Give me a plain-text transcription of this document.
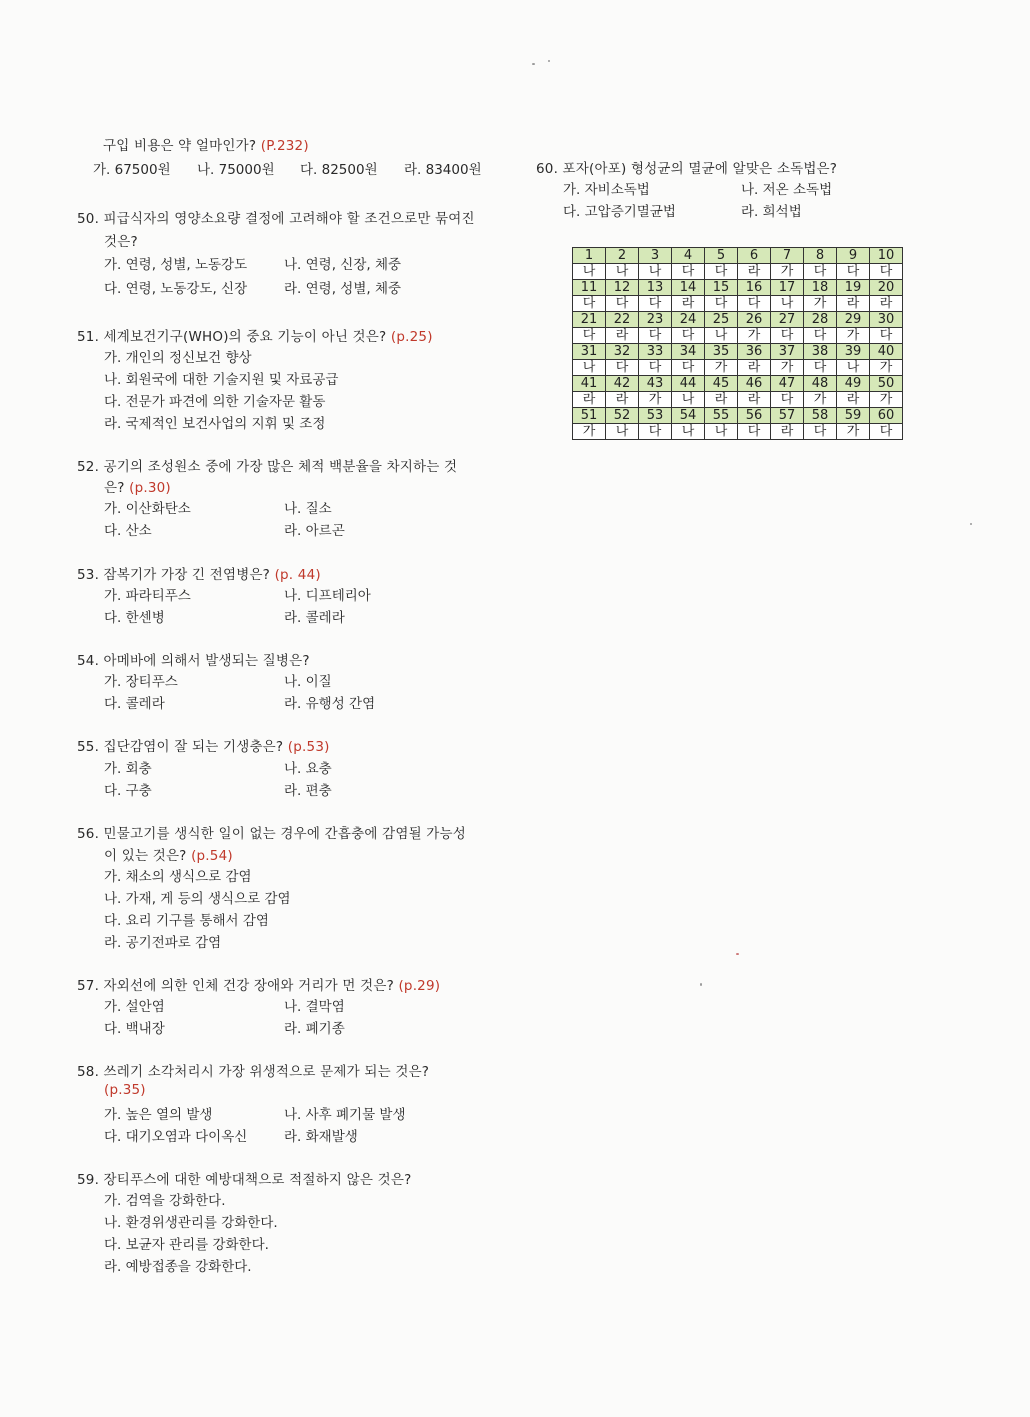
구입 비용은 약 얼마인가? (P.232)
가. 67500원 나. 75000원 다. 82500원 라. 83400원
50. 피급식자의 영양소요량 결정에 고려해야 할 조건으로만 묶여진
것은?
가. 연령, 성별, 노동강도	나. 연령, 신장, 체중
다. 연령, 노동강도, 신장	라. 연령, 성별, 체중
51. 세계보건기구(WHO)의 중요 기능이 아닌 것은? (p.25)
가. 개인의 정신보건 향상
나. 회원국에 대한 기술지원 및 자료공급
다. 전문가 파견에 의한 기술자문 활동
라. 국제적인 보건사업의 지휘 및 조정
52. 공기의 조성원소 중에 가장 많은 체적 백분율을 차지하는 것
은? (p.30)
가. 이산화탄소	나. 질소
다. 산소	라. 아르곤
53. 잠복기가 가장 긴 전염병은? (p. 44)
가. 파라티푸스	나. 디프테리아
다. 한센병	라. 콜레라
54. 아메바에 의해서 발생되는 질병은?
가. 장티푸스	나. 이질
다. 콜레라	라. 유행성 간염
55. 집단감염이 잘 되는 기생충은? (p.53)
가. 회충	나. 요충
다. 구충	라. 편충
56. 민물고기를 생식한 일이 없는 경우에 간흡충에 감염될 가능성
이 있는 것은? (p.54)
가. 채소의 생식으로 감염
나. 가재, 게 등의 생식으로 감염
다. 요리 기구를 통해서 감염
라. 공기전파로 감염
57. 자외선에 의한 인체 건강 장애와 거리가 먼 것은? (p.29)
가. 설안염	나. 결막염
다. 백내장	라. 폐기종
58. 쓰레기 소각처리시 가장 위생적으로 문제가 되는 것은?
(p.35)
가. 높은 열의 발생	나. 사후 폐기물 발생
다. 대기오염과 다이옥신	라. 화재발생
59. 장티푸스에 대한 예방대책으로 적절하지 않은 것은?
가. 검역을 강화한다.
나. 환경위생관리를 강화한다.
다. 보균자 관리를 강화한다.
라. 예방접종을 강화한다.
60. 포자(아포) 형성균의 멸균에 알맞은 소독법은?
가. 자비소독법	나. 저온 소독법
다. 고압증기멸균법	라. 희석법
1	2	3	4	5	6	7	8	9	10
나	나	나	다	다	라	가	다	다	다
11	12	13	14	15	16	17	18	19	20
다	다	다	라	다	다	나	가	라	라
21	22	23	24	25	26	27	28	29	30
다	라	다	다	나	가	다	다	가	다
31	32	33	34	35	36	37	38	39	40
나	다	다	다	가	라	가	다	나	가
41	42	43	44	45	46	47	48	49	50
라	라	가	나	라	라	다	가	라	가
51	52	53	54	55	56	57	58	59	60
가	나	다	나	나	다	라	다	가	다
